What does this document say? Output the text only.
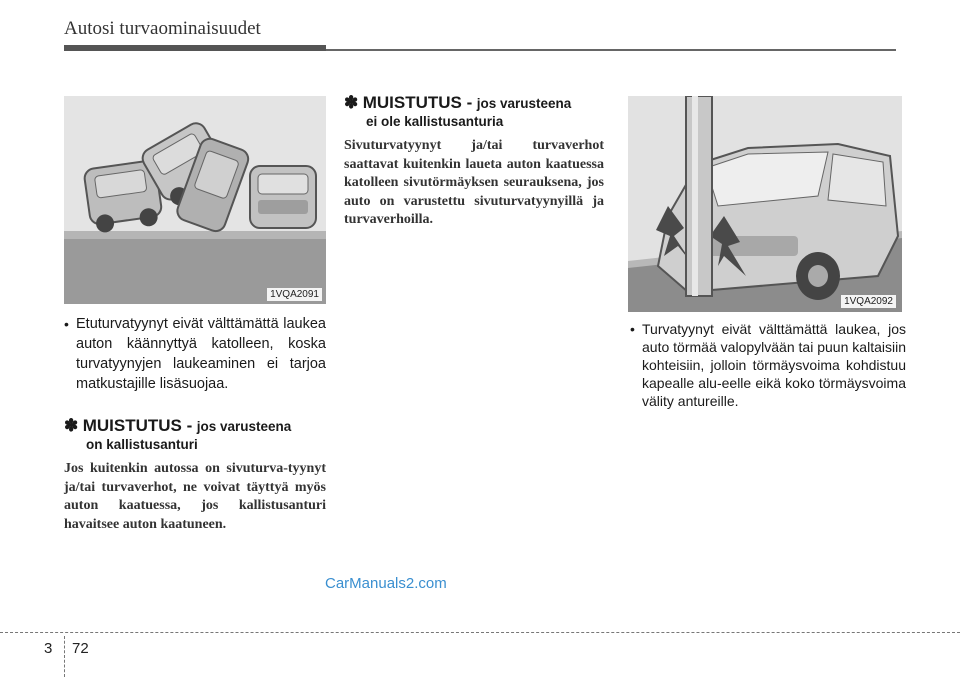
Autosi turvaominaisuudet
1VQA2091
• Etuturvatyynyt eivät välttämättä laukea auton käännyttyä katolleen, koska turvatyynyjen laukeaminen ei tarjoa matkustajille lisäsuojaa.
✽ MUISTUTUS - jos varusteena
on kallistusanturi
Jos kuitenkin autossa on sivuturva-tyynyt ja/tai turvaverhot, ne voivat täyttyä myös auton kaatuessa, jos kallistusanturi havaitsee auton kaatuneen.
✽ MUISTUTUS - jos varusteena
ei ole kallistusanturia
Sivuturvatyynyt ja/tai turvaverhot saattavat kuitenkin laueta auton kaatuessa katolleen sivutörmäyksen seurauksena, jos auto on varustettu sivuturvatyynyillä ja turvaverhoilla.
1VQA2092
• Turvatyynyt eivät välttämättä laukea, jos auto törmää valopylvään tai puun kaltaisiin kohteisiin, jolloin törmäysvoima kohdistuu kapealle alu-eelle eikä koko törmäysvoima välity antureille.
CarManuals2.com
3 72
